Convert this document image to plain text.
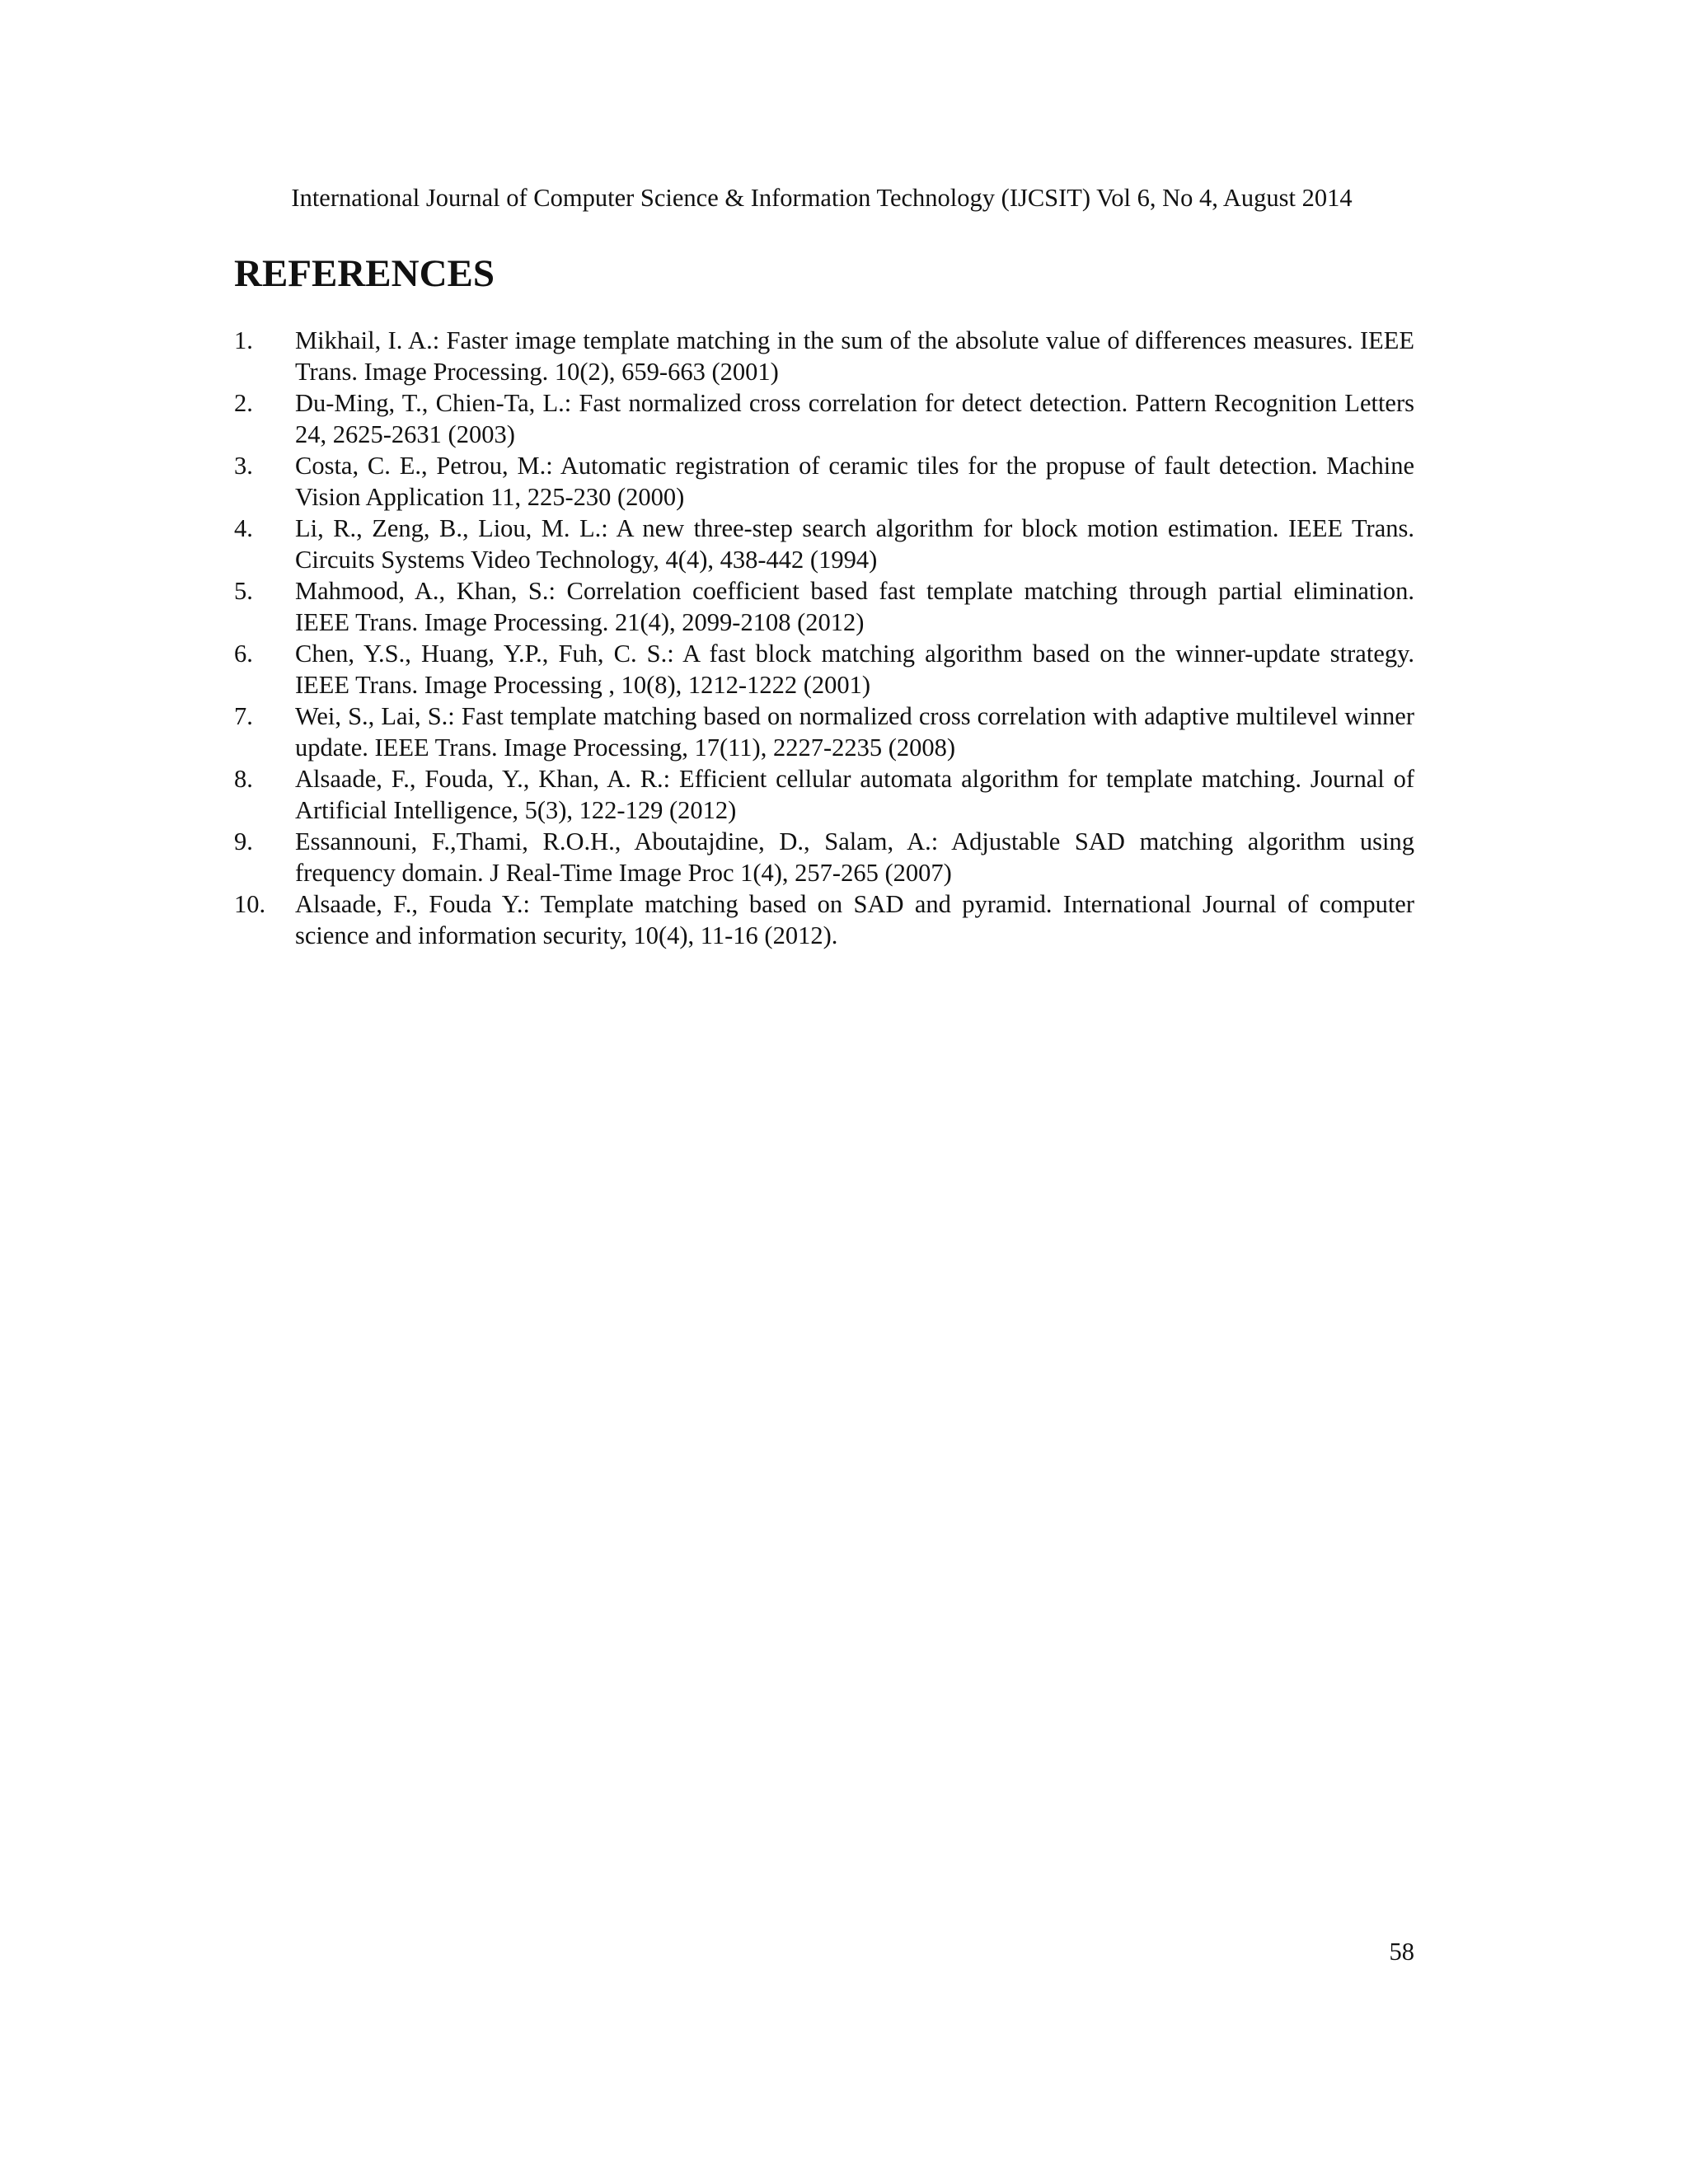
International Journal of Computer Science & Information Technology (IJCSIT) Vol 6, No 4, August 2014
REFERENCES
1. Mikhail, I. A.: Faster image template matching in the sum of the absolute value of differences measures. IEEE Trans. Image Processing. 10(2), 659-663 (2001)
2. Du-Ming, T., Chien-Ta, L.: Fast normalized cross correlation for detect detection. Pattern Recognition Letters 24, 2625-2631 (2003)
3. Costa, C. E., Petrou, M.: Automatic registration of ceramic tiles for the propuse of fault detection. Machine Vision Application 11, 225-230 (2000)
4. Li, R., Zeng, B., Liou, M. L.: A new three-step search algorithm for block motion estimation. IEEE Trans. Circuits Systems Video Technology, 4(4), 438-442 (1994)
5. Mahmood, A., Khan, S.: Correlation coefficient based fast template matching through partial elimination. IEEE Trans. Image Processing. 21(4), 2099-2108 (2012)
6. Chen, Y.S., Huang, Y.P., Fuh, C. S.: A fast block matching algorithm based on the winner-update strategy. IEEE Trans. Image Processing , 10(8), 1212-1222 (2001)
7. Wei, S., Lai, S.: Fast template matching based on normalized cross correlation with adaptive multilevel winner update. IEEE Trans. Image Processing, 17(11), 2227-2235 (2008)
8. Alsaade, F., Fouda, Y., Khan, A. R.: Efficient cellular automata algorithm for template matching. Journal of Artificial Intelligence, 5(3), 122-129 (2012)
9. Essannouni, F.,Thami, R.O.H., Aboutajdine, D., Salam, A.: Adjustable SAD matching algorithm using frequency domain. J Real-Time Image Proc 1(4), 257-265 (2007)
10. Alsaade, F., Fouda Y.: Template matching based on SAD and pyramid. International Journal of computer science and information security, 10(4), 11-16 (2012).
58
